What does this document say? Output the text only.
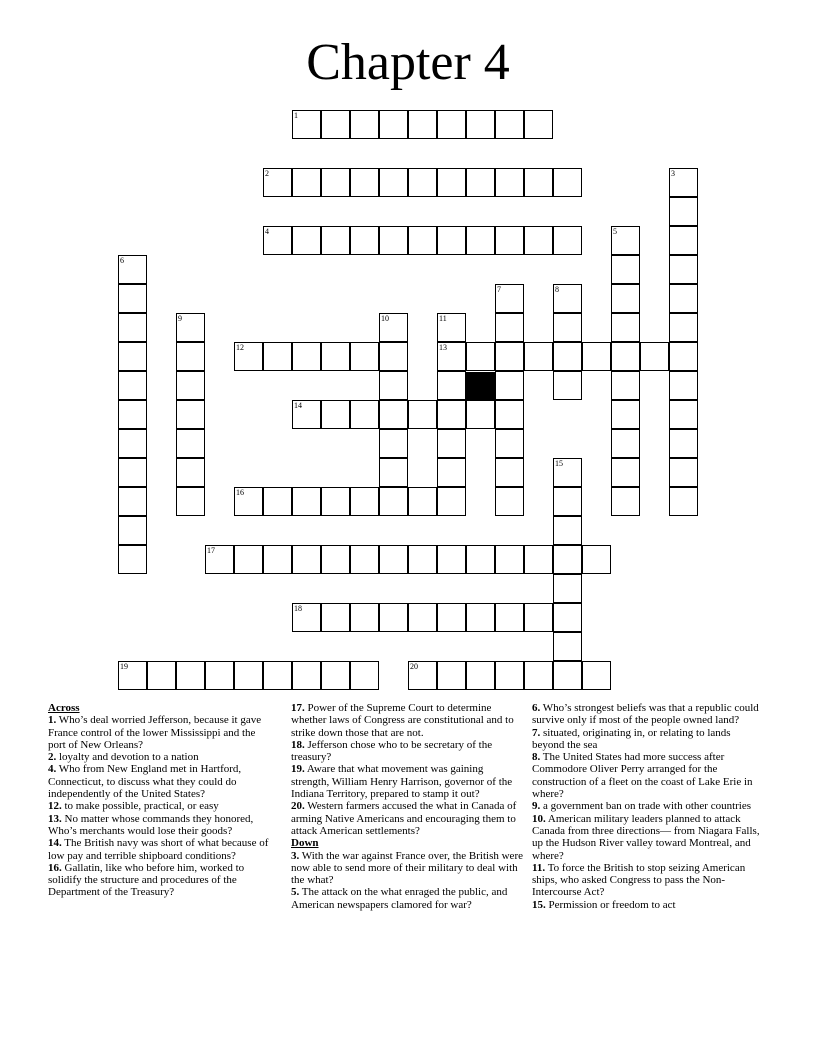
Chapter 4
1
2	3
4	5
6
7	8
9	10	11
13
12
14
15
16
17
18
19	20

Across

1. Who’s deal worried Jefferson, because it gave France control of the lower Mississippi and the port of New Orleans?

2. loyalty and devotion to a nation

4. Who from New England met in Hartford, Connecticut, to discuss what they could do independently of the United States?

12. to make possible, practical, or easy

13. No matter whose commands they honored, Who’s merchants would lose their goods?

14. The British navy was short of what because of low pay and terrible shipboard conditions?

16. Gallatin, like who before him, worked to solidify the structure and procedures of the Department of the Treasury?

17. Power of the Supreme Court to determine whether laws of Congress are constitutional and to strike down those that are not.

18. Jefferson chose who to be secretary of the treasury?

19. Aware that what movement was gaining strength, William Henry Harrison, governor of the Indiana Territory, prepared to stamp it out?

20. Western farmers accused the what in Canada of arming Native Americans and encouraging them to attack American settlements?

Down

3. With the war against France over, the British were now able to send more of their military to deal with the what?

5. The attack on the what enraged the public, and American newspapers clamored for war?

6. Who’s strongest beliefs was that a republic could survive only if most of the people owned land?

7. situated, originating in, or relating to lands beyond the sea

8. The United States had more success after Commodore Oliver Perry arranged for the construction of a fleet on the coast of Lake Erie in where?

9. a government ban on trade with other countries

10. American military leaders planned to attack Canada from three directions— from Niagara Falls, up the Hudson River valley toward Montreal, and where?

11. To force the British to stop seizing American ships, who asked Congress to pass the Non- Intercourse Act?

15. Permission or freedom to act
